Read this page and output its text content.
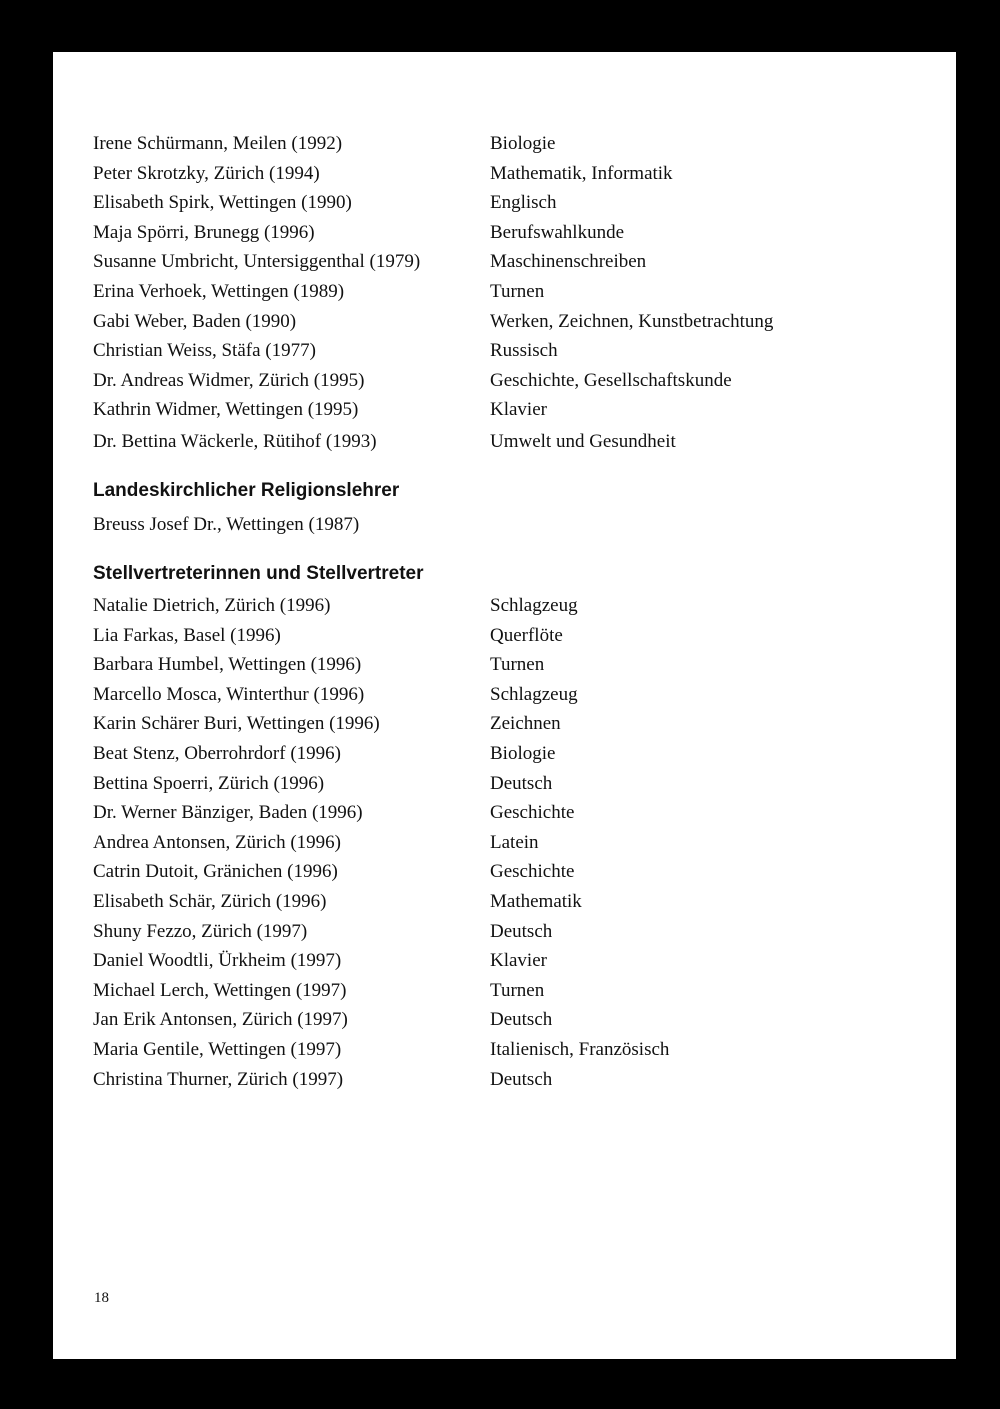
Irene Schürmann, Meilen (1992)	Biologie
Peter Skrotzky, Zürich (1994)	Mathematik, Informatik
Elisabeth Spirk, Wettingen (1990)	Englisch
Maja Spörri, Brunegg (1996)	Berufswahlkunde
Susanne Umbricht, Untersiggenthal (1979)	Maschinenschreiben
Erina Verhoek, Wettingen (1989)	Turnen
Gabi Weber, Baden (1990)	Werken, Zeichnen, Kunstbetrachtung
Christian Weiss, Stäfa (1977)	Russisch
Dr. Andreas Widmer, Zürich (1995)	Geschichte, Gesellschaftskunde
Kathrin Widmer, Wettingen (1995)	Klavier
Dr. Bettina Wäckerle, Rütihof (1993)	Umwelt und Gesundheit
Landeskirchlicher Religionslehrer
Breuss Josef Dr., Wettingen (1987)
Stellvertreterinnen und Stellvertreter
Natalie Dietrich, Zürich (1996)	Schlagzeug
Lia Farkas, Basel (1996)	Querflöte
Barbara Humbel, Wettingen (1996)	Turnen
Marcello Mosca, Winterthur (1996)	Schlagzeug
Karin Schärer Buri, Wettingen (1996)	Zeichnen
Beat Stenz, Oberrohrdorf (1996)	Biologie
Bettina Spoerri, Zürich (1996)	Deutsch
Dr. Werner Bänziger, Baden (1996)	Geschichte
Andrea Antonsen, Zürich (1996)	Latein
Catrin Dutoit, Gränichen (1996)	Geschichte
Elisabeth Schär, Zürich (1996)	Mathematik
Shuny Fezzo, Zürich (1997)	Deutsch
Daniel Woodtli, Ürkheim (1997)	Klavier
Michael Lerch, Wettingen (1997)	Turnen
Jan Erik Antonsen, Zürich (1997)	Deutsch
Maria Gentile, Wettingen (1997)	Italienisch, Französisch
Christina Thurner, Zürich (1997)	Deutsch
18
